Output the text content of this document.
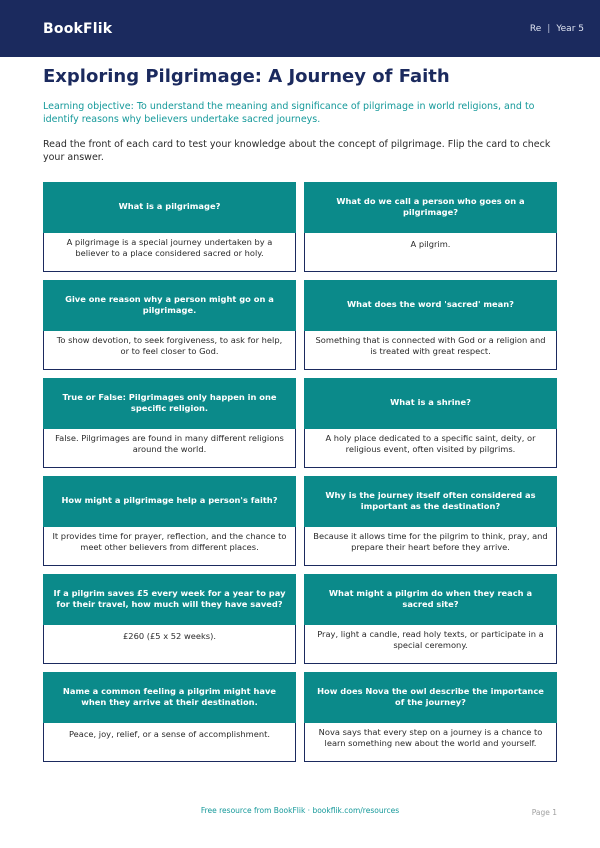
BookFlik	Re | Year 5
Exploring Pilgrimage: A Journey of Faith

Learning objective: To understand the meaning and significance of pilgrimage in world religions, and to identify reasons why believers undertake sacred journeys.

Read the front of each card to test your knowledge about the concept of pilgrimage. Flip the card to check your answer.

What is a pilgrimage?
A pilgrimage is a special journey undertaken by a believer to a place considered sacred or holy.
What do we call a person who goes on a pilgrimage?
A pilgrim.
Give one reason why a person might go on a pilgrimage.
To show devotion, to seek forgiveness, to ask for help, or to feel closer to God.
What does the word 'sacred' mean?
Something that is connected with God or a religion and is treated with great respect.
True or False: Pilgrimages only happen in one specific religion.
False. Pilgrimages are found in many different religions around the world.
What is a shrine?
A holy place dedicated to a specific saint, deity, or religious event, often visited by pilgrims.
How might a pilgrimage help a person's faith?
It provides time for prayer, reflection, and the chance to meet other believers from different places.
Why is the journey itself often considered as important as the destination?
Because it allows time for the pilgrim to think, pray, and prepare their heart before they arrive.
If a pilgrim saves £5 every week for a year to pay for their travel, how much will they have saved?
£260 (£5 x 52 weeks).
What might a pilgrim do when they reach a sacred site?
Pray, light a candle, read holy texts, or participate in a special ceremony.
Name a common feeling a pilgrim might have when they arrive at their destination.
Peace, joy, relief, or a sense of accomplishment.
How does Nova the owl describe the importance of the journey?
Nova says that every step on a journey is a chance to learn something new about the world and yourself.
Free resource from BookFlik · bookflik.com/resources	Page 1
